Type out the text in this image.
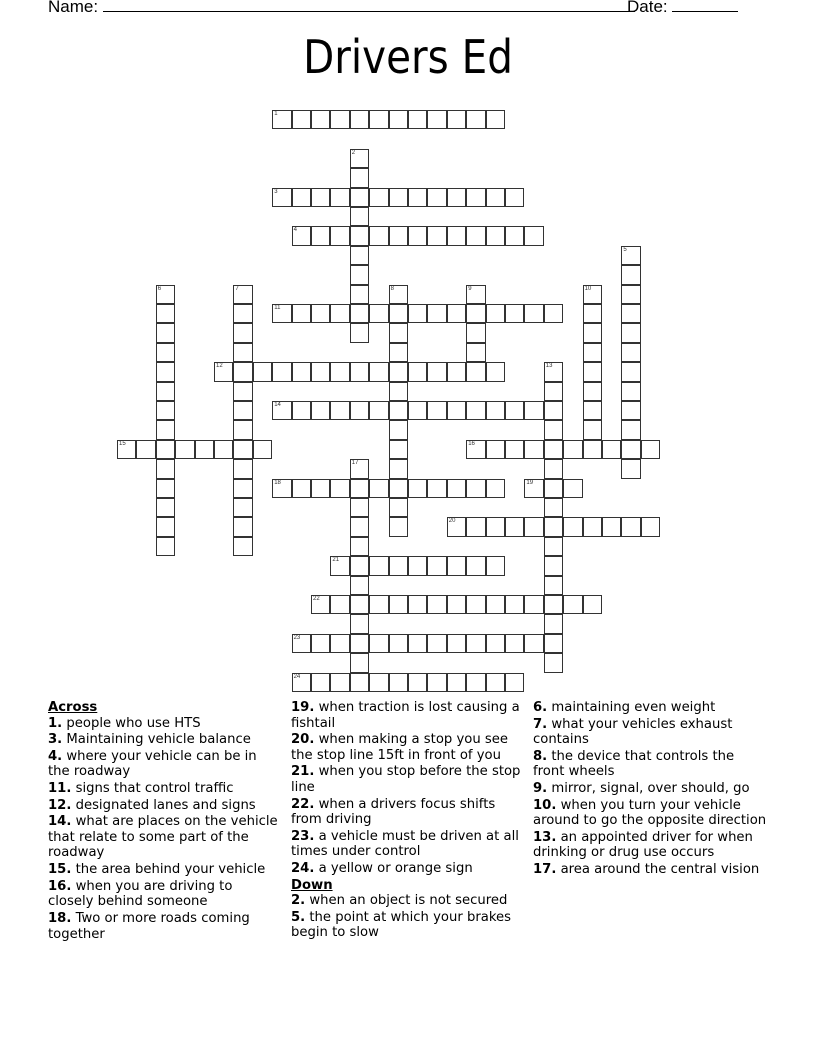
Name:	Date:
Drivers Ed
1
2
3
4
5
6	7	8	9	10
11
12	13
14
15	16
17
18	19
20
21
22
23
24
Across
1. people who use HTS
3. Maintaining vehicle balance
4. where your vehicle can be in the roadway
11. signs that control traffic
12. designated lanes and signs
14. what are places on the vehicle that relate to some part of the roadway
15. the area behind your vehicle
16. when you are driving to closely behind someone
18. Two or more roads coming together
19. when traction is lost causing a fishtail
20. when making a stop you see the stop line 15ft in front of you
21. when you stop before the stop line
22. when a drivers focus shifts from driving
23. a vehicle must be driven at all times under control
24. a yellow or orange sign
Down
2. when an object is not secured
5. the point at which your brakes begin to slow
6. maintaining even weight
7. what your vehicles exhaust contains
8. the device that controls the front wheels
9. mirror, signal, over should, go
10. when you turn your vehicle around to go the opposite direction
13. an appointed driver for when drinking or drug use occurs
17. area around the central vision
